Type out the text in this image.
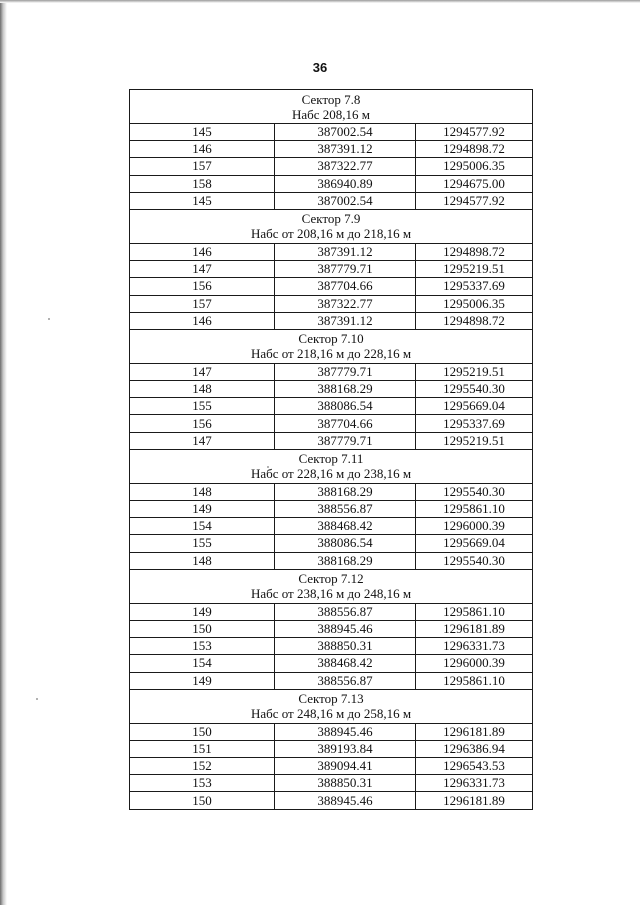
36
Сектор 7.8
Набс 208,16 м		

145	387002.54	1294577.92
146	387391.12	1294898.72
157	387322.77	1295006.35
158	386940.89	1294675.00
145	387002.54	1294577.92

Сектор 7.9
Набс от 208,16 м до 218,16 м		

146	387391.12	1294898.72
147	387779.71	1295219.51
156	387704.66	1295337.69
157	387322.77	1295006.35
146	387391.12	1294898.72

Сектор 7.10
Набс от 218,16 м до 228,16 м		

147	387779.71	1295219.51
148	388168.29	1295540.30
155	388086.54	1295669.04
156	387704.66	1295337.69
147	387779.71	1295219.51

Сектор 7.11
Набс от 228,16 м до 238,16 м		

148	388168.29	1295540.30
149	388556.87	1295861.10
154	388468.42	1296000.39
155	388086.54	1295669.04
148	388168.29	1295540.30

Сектор 7.12
Набс от 238,16 м до 248,16 м		

149	388556.87	1295861.10
150	388945.46	1296181.89
153	388850.31	1296331.73
154	388468.42	1296000.39
149	388556.87	1295861.10

Сектор 7.13
Набс от 248,16 м до 258,16 м		

150	388945.46	1296181.89
151	389193.84	1296386.94
152	389094.41	1296543.53
153	388850.31	1296331.73
150	388945.46	1296181.89
